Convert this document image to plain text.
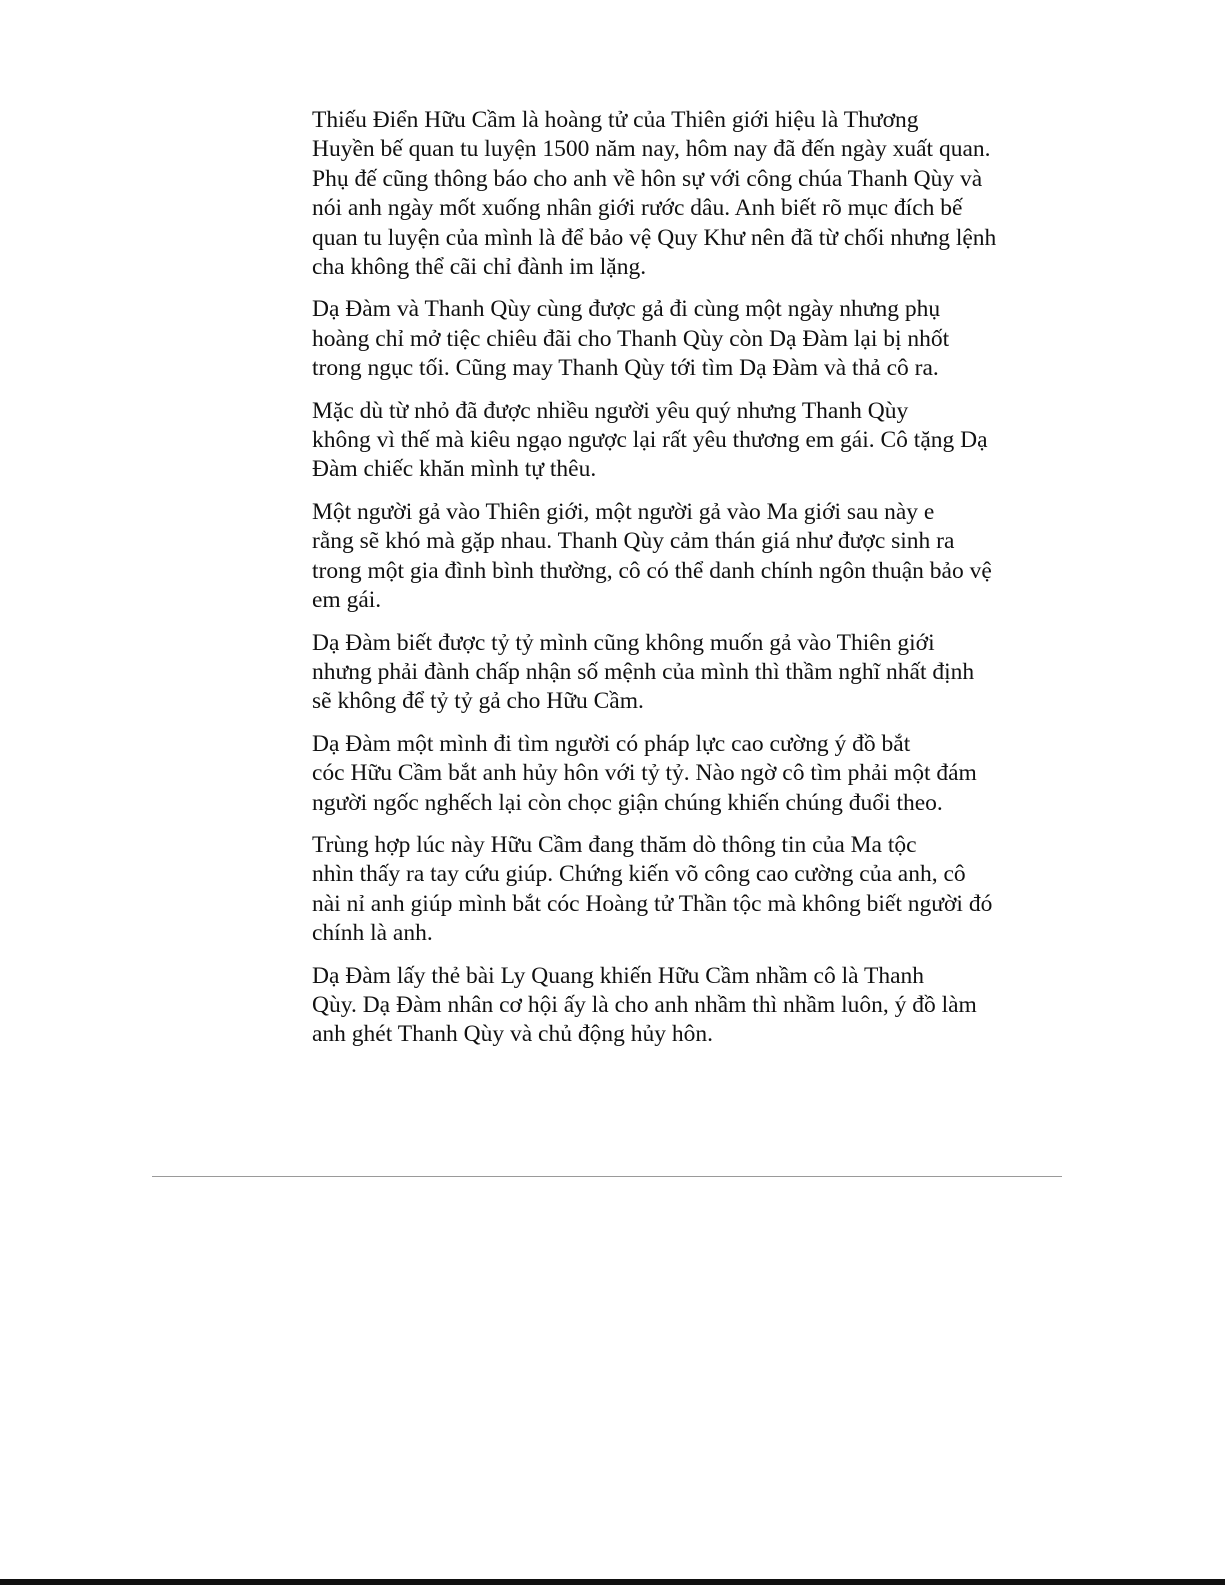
Thiếu Điển Hữu Cầm là hoàng tử của Thiên giới hiệu là Thương
Huyền bế quan tu luyện 1500 năm nay, hôm nay đã đến ngày xuất quan.
Phụ đế cũng thông báo cho anh về hôn sự với công chúa Thanh Qùy và
nói anh ngày mốt xuống nhân giới rước dâu. Anh biết rõ mục đích bế
quan tu luyện của mình là để bảo vệ Quy Khư nên đã từ chối nhưng lệnh
cha không thể cãi chỉ đành im lặng.

Dạ Đàm và Thanh Qùy cùng được gả đi cùng một ngày nhưng phụ
hoàng chỉ mở tiệc chiêu đãi cho Thanh Qùy còn Dạ Đàm lại bị nhốt
trong ngục tối. Cũng may Thanh Qùy tới tìm Dạ Đàm và thả cô ra.

Mặc dù từ nhỏ đã được nhiều người yêu quý nhưng Thanh Qùy
không vì thế mà kiêu ngạo ngược lại rất yêu thương em gái. Cô tặng Dạ
Đàm chiếc khăn mình tự thêu.

Một người gả vào Thiên giới, một người gả vào Ma giới sau này e
rằng sẽ khó mà gặp nhau. Thanh Qùy cảm thán giá như được sinh ra
trong một gia đình bình thường, cô có thể danh chính ngôn thuận bảo vệ
em gái.

Dạ Đàm biết được tỷ tỷ mình cũng không muốn gả vào Thiên giới
nhưng phải đành chấp nhận số mệnh của mình thì thầm nghĩ nhất định
sẽ không để tỷ tỷ gả cho Hữu Cầm.

Dạ Đàm một mình đi tìm người có pháp lực cao cường ý đồ bắt
cóc Hữu Cầm bắt anh hủy hôn với tỷ tỷ. Nào ngờ cô tìm phải một đám
người ngốc nghếch lại còn chọc giận chúng khiến chúng đuổi theo.

Trùng hợp lúc này Hữu Cầm đang thăm dò thông tin của Ma tộc
nhìn thấy ra tay cứu giúp. Chứng kiến võ công cao cường của anh, cô
nài nỉ anh giúp mình bắt cóc Hoàng tử Thần tộc mà không biết người đó
chính là anh.

Dạ Đàm lấy thẻ bài Ly Quang khiến Hữu Cầm nhầm cô là Thanh
Qùy. Dạ Đàm nhân cơ hội ấy là cho anh nhầm thì nhầm luôn, ý đồ làm
anh ghét Thanh Qùy và chủ động hủy hôn.
